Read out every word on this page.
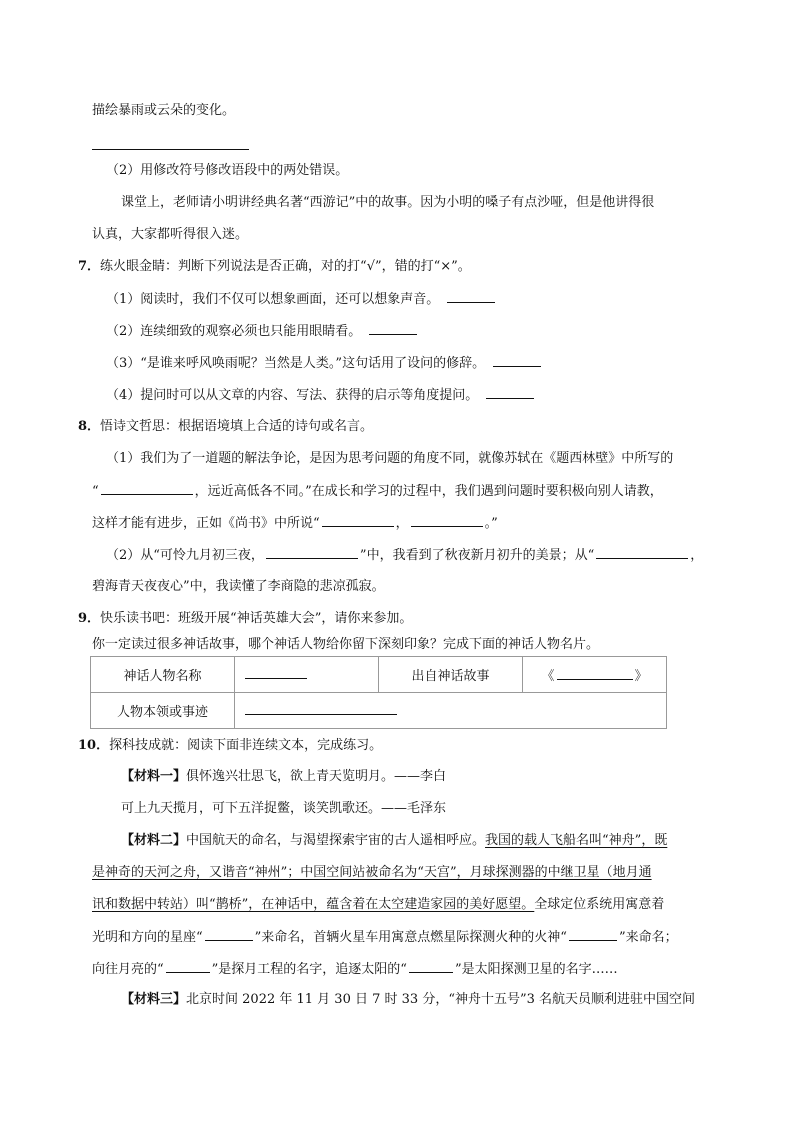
描绘暴雨或云朵的变化。
（2）用修改符号修改语段中的两处错误。
课堂上，老师请小明讲经典名著“西游记”中的故事。因为小明的嗓子有点沙哑，但是他讲得很
认真，大家都听得很入迷。
7．练火眼金睛：判断下列说法是否正确，对的打“√”，错的打“×”。
（1）阅读时，我们不仅可以想象画面，还可以想象声音。
（2）连续细致的观察必须也只能用眼睛看。
（3）“是谁来呼风唤雨呢？当然是人类。”这句话用了设问的修辞。
（4）提问时可以从文章的内容、写法、获得的启示等角度提问。
8．悟诗文哲思：根据语境填上合适的诗句或名言。
（1）我们为了一道题的解法争论，是因为思考问题的角度不同，就像苏轼在《题西林壁》中所写的
“	，远近高低各不同。”在成长和学习的过程中，我们遇到问题时要积极向别人请教，
这样才能有进步，正如《尚书》中所说“	，	。”
（2）从“可怜九月初三夜，	”中，我看到了秋夜新月初升的美景；从“	，
碧海青天夜夜心”中，我读懂了李商隐的悲凉孤寂。
9．快乐读书吧：班级开展“神话英雄大会”，请你来参加。
你一定读过很多神话故事，哪个神话人物给你留下深刻印象？完成下面的神话人物名片。
神话人物名称		出自神话故事	《 》
人物本领或事迹			
10．探科技成就：阅读下面非连续文本，完成练习。
【材料一】俱怀逸兴壮思飞，欲上青天览明月。——李白
可上九天揽月，可下五洋捉鳖，谈笑凯歌还。——毛泽东
【材料二】中国航天的命名，与渴望探索宇宙的古人遥相呼应。我国的载人飞船名叫“神舟”，既
是神奇的天河之舟，又谐音“神州”；中国空间站被命名为“天宫”，月球探测器的中继卫星（地月通
讯和数据中转站）叫“鹊桥”，在神话中，蕴含着在太空建造家园的美好愿望。全球定位系统用寓意着
光明和方向的星座“	”来命名，首辆火星车用寓意点燃星际探测火种的火神“	”来命名；
向往月亮的“	”是探月工程的名字，追逐太阳的“	”是太阳探测卫星的名字……
【材料三】北京时间 2022 年 11 月 30 日 7 时 33 分，“神舟十五号”3 名航天员顺利进驻中国空间
